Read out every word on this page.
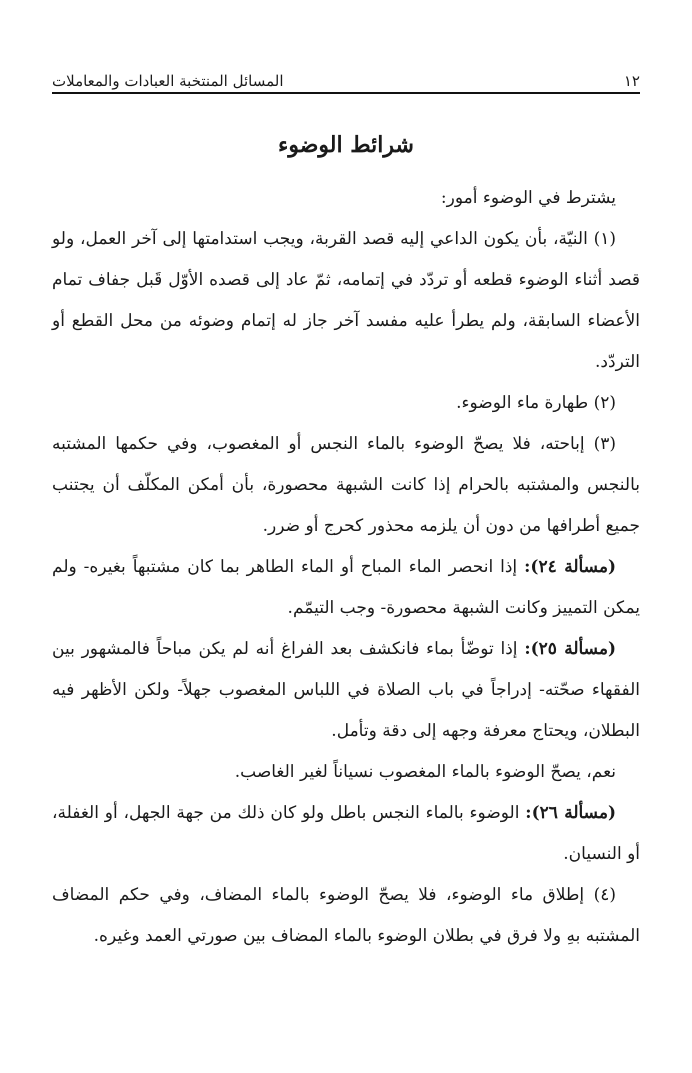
١٢
المسائل المنتخبة العبادات والمعاملات
شرائط الوضوء

يشترط في الوضوء أمور:

(١) النيّة، بأن يكون الداعي إليه قصد القربة، ويجب استدامتها إلى آخر العمل، ولو قصد أثناء الوضوء قطعه أو تردّد في إتمامه، ثمّ عاد إلى قصده الأوّل قَبل جفاف تمام الأعضاء السابقة، ولم يطرأ عليه مفسد آخر جاز له إتمام وضوئه من محل القطع أو التردّد.

(٢) طهارة ماء الوضوء.

(٣) إباحته، فلا يصحّ الوضوء بالماء النجس أو المغصوب، وفي حكمها المشتبه بالنجس والمشتبه بالحرام إذا كانت الشبهة محصورة، بأن أمكن المكلّف أن يجتنب جميع أطرافها من دون أن يلزمه محذور كحرج أو ضرر.

(مسألة ٢٤): إذا انحصر الماء المباح أو الماء الطاهر بما كان مشتبهاً بغيره- ولم يمكن التمييز وكانت الشبهة محصورة- وجب التيمّم.

(مسألة ٢٥): إذا توضّأ بماء فانكشف بعد الفراغ أنه لم يكن مباحاً فالمشهور بين الفقهاء صحّته- إدراجاً في باب الصلاة في اللباس المغصوب جهلاً- ولكن الأظهر فيه البطلان، ويحتاج معرفة وجهه إلى دقة وتأمل.

نعم، يصحّ الوضوء بالماء المغصوب نسياناً لغير الغاصب.

(مسألة ٢٦): الوضوء بالماء النجس باطل ولو كان ذلك من جهة الجهل، أو الغفلة، أو النسيان.

(٤) إطلاق ماء الوضوء، فلا يصحّ الوضوء بالماء المضاف، وفي حكم المضاف المشتبه بهِ ولا فرق في بطلان الوضوء بالماء المضاف بين صورتي العمد وغيره.
